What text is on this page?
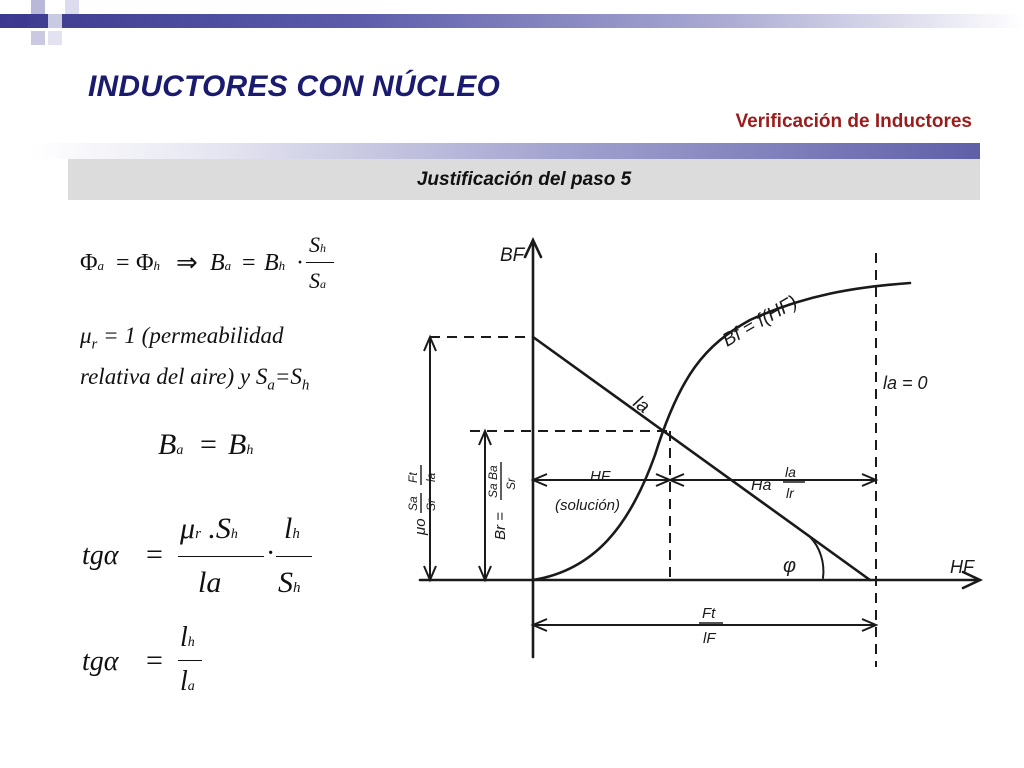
INDUCTORES CON NÚCLEO
Verificación de Inductores
Justificación del paso 5
Φa = Φh ⇒ Ba = Bh ·
Sh
Sa
$\mu_r = 1$ (permeabilidad
relativa del aire) y $S_a=S_h$
Ba = Bh
tgα =
μr .Sh
la
·
lh
Sh
tgα =
lh
la
BF
HF
Bf = f(HF)
la
la = 0
Ha
la
lr
HF
(solución)
φ
Ft
lF
Br =
Sa Ba Sr
μo
Sa Sr
Ft la
